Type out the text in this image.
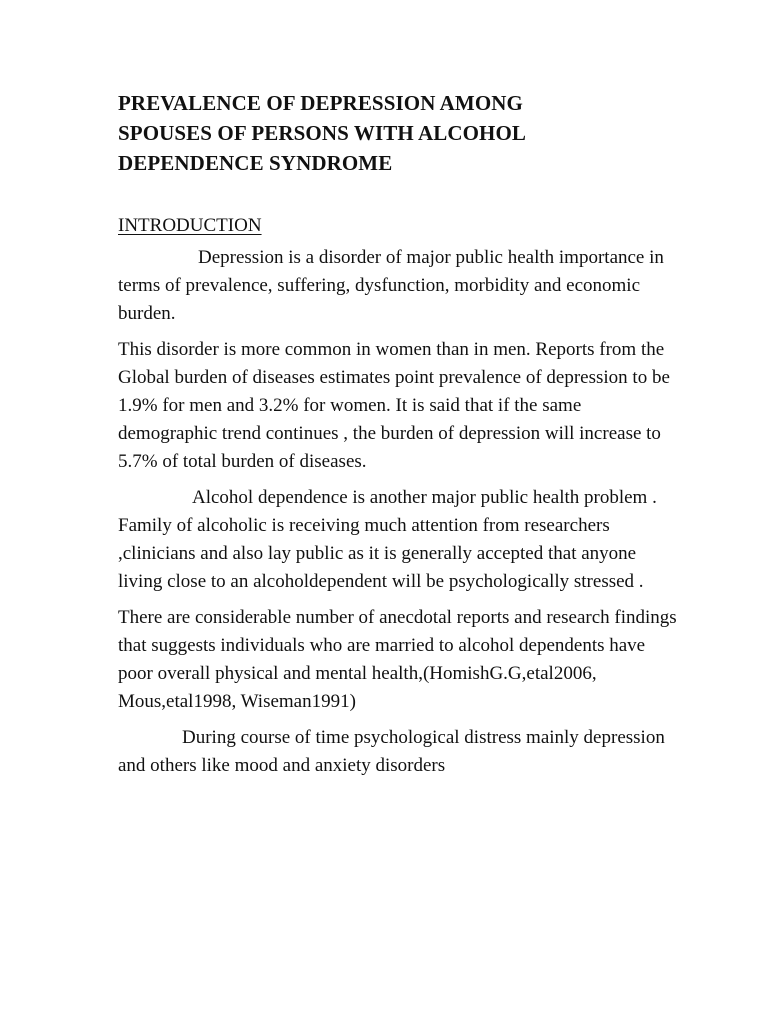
PREVALENCE OF DEPRESSION AMONG
SPOUSES OF PERSONS WITH ALCOHOL
DEPENDENCE SYNDROME
INTRODUCTION

Depression is a disorder of major public health importance in terms of prevalence, suffering, dysfunction, morbidity and economic burden.

This disorder is more common in women than in men. Reports from the Global burden of diseases estimates point prevalence of depression to be 1.9% for men and 3.2% for women. It is said that if the same demographic trend continues , the burden of depression will increase to 5.7% of total burden of diseases.

Alcohol dependence is another major public health problem . Family of alcoholic is receiving much attention from researchers ,clinicians and also lay public as it is generally accepted that anyone living close to an alcoholdependent will be psychologically stressed .

There are considerable number of anecdotal reports and research findings that suggests individuals who are married to alcohol dependents have poor overall physical and mental health,(HomishG.G,etal2006, Mous,etal1998, Wiseman1991)

During course of time psychological distress mainly depression and others like mood and anxiety disorders
